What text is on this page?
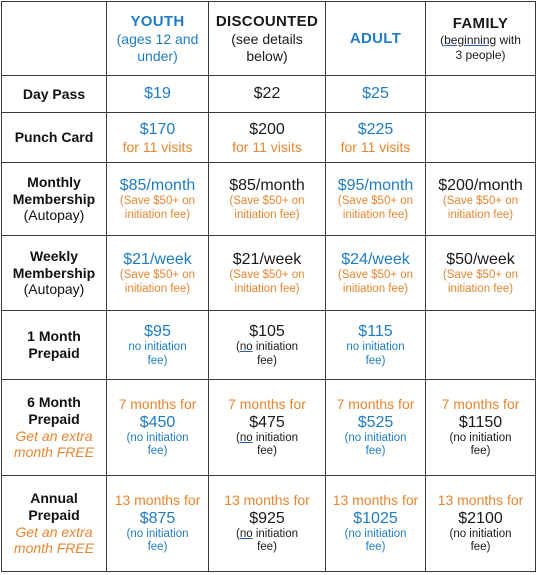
	YOUTH
(ages 12 and
under)	DISCOUNTED
(see details
below)	ADULT	FAMILY
(beginning with
3 people)

Day Pass	$19	$22	$25	
Punch Card	$170
for 11 visits	$200
for 11 visits	$225
for 11 visits	

Monthly
Membership
(Autopay)	$85/month
(Save $50+ on
initiation fee)	$85/month
(Save $50+ on
initiation fee)	$95/month
(Save $50+ on
initiation fee)	$200/month
(Save $50+ on
initiation fee)

Weekly
Membership
(Autopay)	$21/week
(Save $50+ on
initiation fee)	$21/week
(Save $50+ on
initiation fee)	$24/week
(Save $50+ on
initiation fee)	$50/week
(Save $50+ on
initiation fee)

1 Month
Prepaid	$95
no initiation
fee)	$105
(no initiation
fee)	$115
no initiation
fee)	

6 Month
Prepaid
Get an extra
month FREE	7 months for
$450
(no initiation
fee)	7 months for
$475
(no initiation
fee)	7 months for
$525
(no initiation
fee)	7 months for
$1150
(no initiation
fee)

Annual
Prepaid
Get an extra
month FREE	13 months for
$875
(no initiation
fee)	13 months for
$925
(no initiation
fee)	13 months for
$1025
(no initiation
fee)	13 months for
$2100
(no initiation
fee)
